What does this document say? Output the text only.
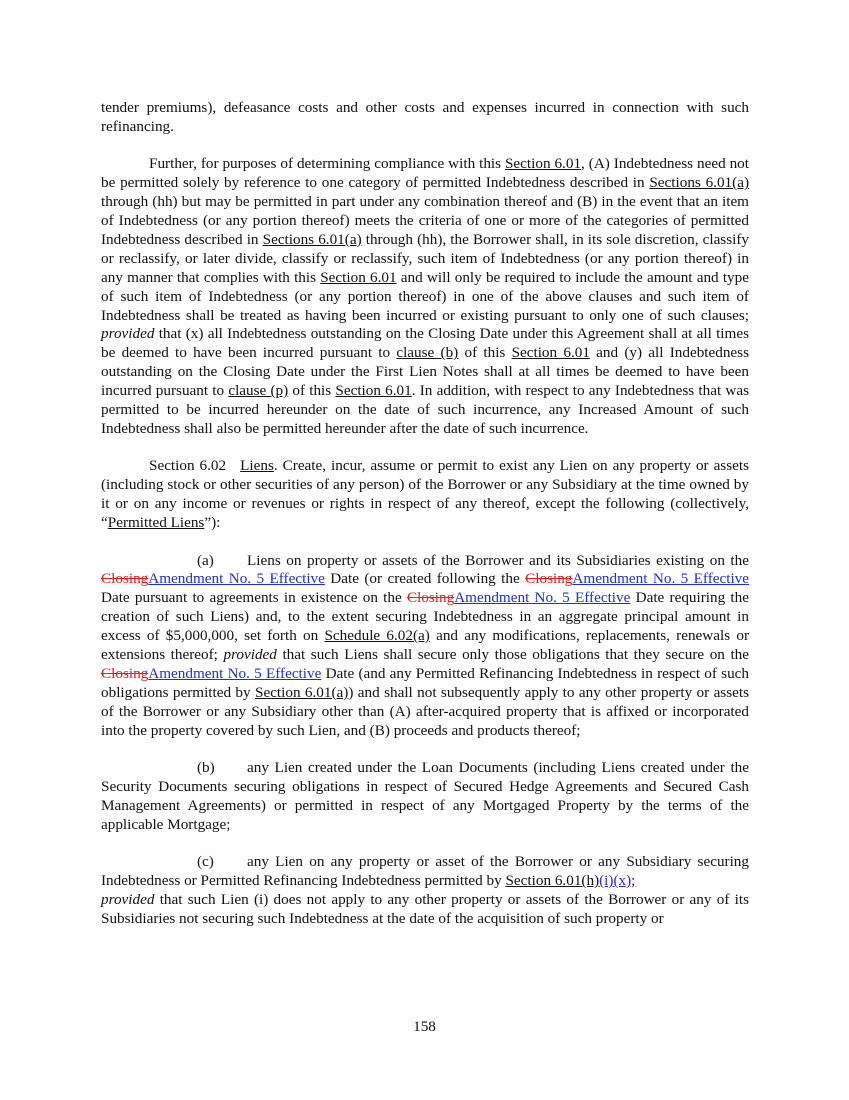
tender premiums), defeasance costs and other costs and expenses incurred in connection with such refinancing.

Further, for purposes of determining compliance with this Section 6.01, (A) Indebtedness need not be permitted solely by reference to one category of permitted Indebtedness described in Sections 6.01(a) through (hh) but may be permitted in part under any combination thereof and (B) in the event that an item of Indebtedness (or any portion thereof) meets the criteria of one or more of the categories of permitted Indebtedness described in Sections 6.01(a) through (hh), the Borrower shall, in its sole discretion, classify or reclassify, or later divide, classify or reclassify, such item of Indebtedness (or any portion thereof) in any manner that complies with this Section 6.01 and will only be required to include the amount and type of such item of Indebtedness (or any portion thereof) in one of the above clauses and such item of Indebtedness shall be treated as having been incurred or existing pursuant to only one of such clauses; provided that (x) all Indebtedness outstanding on the Closing Date under this Agreement shall at all times be deemed to have been incurred pursuant to clause (b) of this Section 6.01 and (y) all Indebtedness outstanding on the Closing Date under the First Lien Notes shall at all times be deemed to have been incurred pursuant to clause (p) of this Section 6.01. In addition, with respect to any Indebtedness that was permitted to be incurred hereunder on the date of such incurrence, any Increased Amount of such Indebtedness shall also be permitted hereunder after the date of such incurrence.

Section 6.02 Liens. Create, incur, assume or permit to exist any Lien on any property or assets (including stock or other securities of any person) of the Borrower or any Subsidiary at the time owned by it or on any income or revenues or rights in respect of any thereof, except the following (collectively, “Permitted Liens”):

(a) Liens on property or assets of the Borrower and its Subsidiaries existing on the ClosingAmendment No. 5 Effective Date (or created following the ClosingAmendment No. 5 Effective Date pursuant to agreements in existence on the ClosingAmendment No. 5 Effective Date requiring the creation of such Liens) and, to the extent securing Indebtedness in an aggregate principal amount in excess of $5,000,000, set forth on Schedule 6.02(a) and any modifications, replacements, renewals or extensions thereof; provided that such Liens shall secure only those obligations that they secure on the ClosingAmendment No. 5 Effective Date (and any Permitted Refinancing Indebtedness in respect of such obligations permitted by Section 6.01(a)) and shall not subsequently apply to any other property or assets of the Borrower or any Subsidiary other than (A) after-acquired property that is affixed or incorporated into the property covered by such Lien, and (B) proceeds and products thereof;

(b) any Lien created under the Loan Documents (including Liens created under the Security Documents securing obligations in respect of Secured Hedge Agreements and Secured Cash Management Agreements) or permitted in respect of any Mortgaged Property by the terms of the applicable Mortgage;

(c) any Lien on any property or asset of the Borrower or any Subsidiary securing Indebtedness or Permitted Refinancing Indebtedness permitted by Section 6.01(h)(i)(x);
provided that such Lien (i) does not apply to any other property or assets of the Borrower or any of its Subsidiaries not securing such Indebtedness at the date of the acquisition of such property or

158
